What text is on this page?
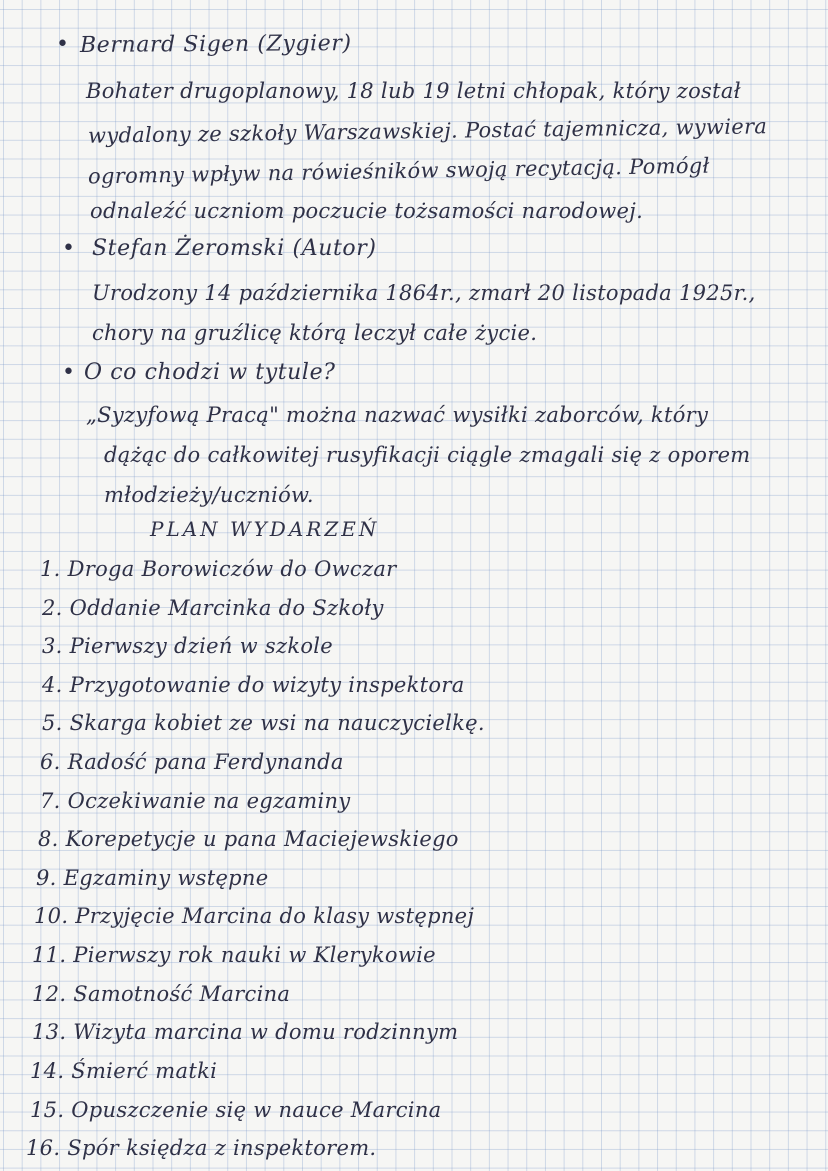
• Bernard Sigen (Zygier)
Bohater drugoplanowy, 18 lub 19 letni chłopak, który został
wydalony ze szkoły Warszawskiej. Postać tajemnicza, wywiera
ogromny wpływ na rówieśników swoją recytacją. Pomógł
odnaleźć uczniom poczucie tożsamości narodowej.
• Stefan Żeromski (Autor)
Urodzony 14 października 1864r., zmarł 20 listopada 1925r.,
chory na gruźlicę którą leczył całe życie.
• O co chodzi w tytule?
„Syzyfową Pracą" można nazwać wysiłki zaborców, który
dążąc do całkowitej rusyfikacji ciągle zmagali się z oporem
młodzieży/uczniów.
PLAN WYDARZEŃ
1. Droga Borowiczów do Owczar
2. Oddanie Marcinka do Szkoły
3. Pierwszy dzień w szkole
4. Przygotowanie do wizyty inspektora
5. Skarga kobiet ze wsi na nauczycielkę.
6. Radość pana Ferdynanda
7. Oczekiwanie na egzaminy
8. Korepetycje u pana Maciejewskiego
9. Egzaminy wstępne
10. Przyjęcie Marcina do klasy wstępnej
11. Pierwszy rok nauki w Klerykowie
12. Samotność Marcina
13. Wizyta marcina w domu rodzinnym
14. Śmierć matki
15. Opuszczenie się w nauce Marcina
16. Spór księdza z inspektorem.
